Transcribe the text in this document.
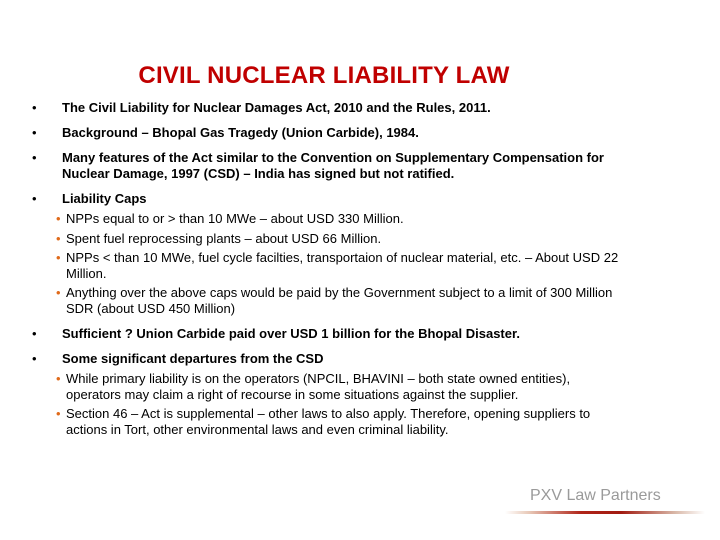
CIVIL NUCLEAR LIABILITY LAW
• The Civil Liability for Nuclear Damages Act, 2010 and the Rules, 2011.
• Background – Bhopal Gas Tragedy (Union Carbide), 1984.
• Many features of the Act similar to the Convention on Supplementary Compensation for Nuclear Damage, 1997 (CSD) – India has signed but not ratified.
• Liability Caps
• NPPs equal to or > than 10 MWe – about USD 330 Million.
• Spent fuel reprocessing plants – about USD 66 Million.
• NPPs < than 10 MWe, fuel cycle facilties, transportaion of nuclear material, etc. – About USD 22 Million.
• Anything over the above caps would be paid by the Government subject to a limit of 300 Million SDR (about USD 450 Million)
• Sufficient ? Union Carbide paid over USD 1 billion for the Bhopal Disaster.
• Some significant departures from the CSD
• While primary liability is on the operators (NPCIL, BHAVINI – both state owned entities), operators may claim a right of recourse in some situations against the supplier.
• Section 46 – Act is supplemental – other laws to also apply. Therefore, opening suppliers to actions in Tort, other environmental laws and even criminal liability.
PXV Law Partners
